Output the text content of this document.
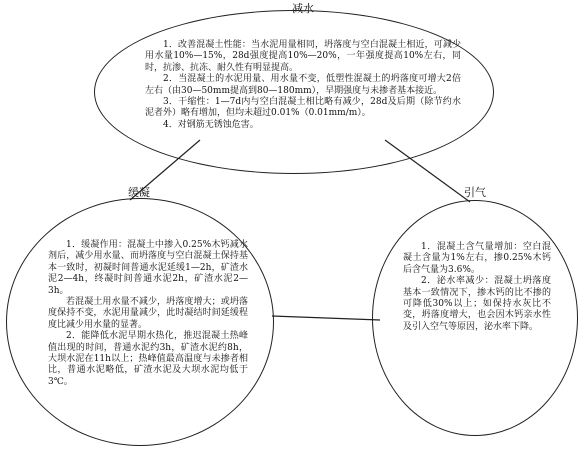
减水
缓凝	引气

1．改善混凝土性能：当水泥用量相同，坍落度与空白混凝土相近，可减少用水量10%—15%，28d强度提高10%—20%，一年强度提高10%左右，同时，抗渗、抗冻、耐久性有明显提高。

2．当混凝土的水泥用量、用水量不变，低塑性混凝土的坍落度可增大2倍左右（由30—50mm提高到80—180mm），早期强度与未掺者基本接近。

3．干缩性：1—7d内与空白混凝土相比略有减少，28d及后期（除节约水泥者外）略有增加，但均未超过0.01%（0.01mm/m）。

4．对钢筋无锈蚀危害。

1．缓凝作用：混凝土中掺入0.25%木钙减水剂后，减少用水量、而坍落度与空白混凝土保持基本一致时，初凝时间普通水泥延缓1—2h，矿渣水泥2—4h，终凝时间普通水泥2h，矿渣水泥2—3h。

若混凝土用水量不减少，坍落度增大；或坍落度保持不变，水泥用量减少，此时凝结时间延缓程度比减少用水量的显著。

2．能降低水泥早期水热化，推迟混凝土热峰值出现的时间，普通水泥约3h，矿渣水泥约8h，大坝水泥在11h以上；热峰值最高温度与未掺者相比，普通水泥略低，矿渣水泥及大坝水泥均低于3℃。

1．混凝土含气量增加：空白混凝土含量为1%左右，掺0.25%木钙后含气量为3.6%。

2．泌水率减少：混凝土坍落度基本一致情况下，掺木钙的比不掺的可降低30%以上；如保持水灰比不变，坍落度增大，也会因木钙亲水性及引入空气等原因，泌水率下降。
